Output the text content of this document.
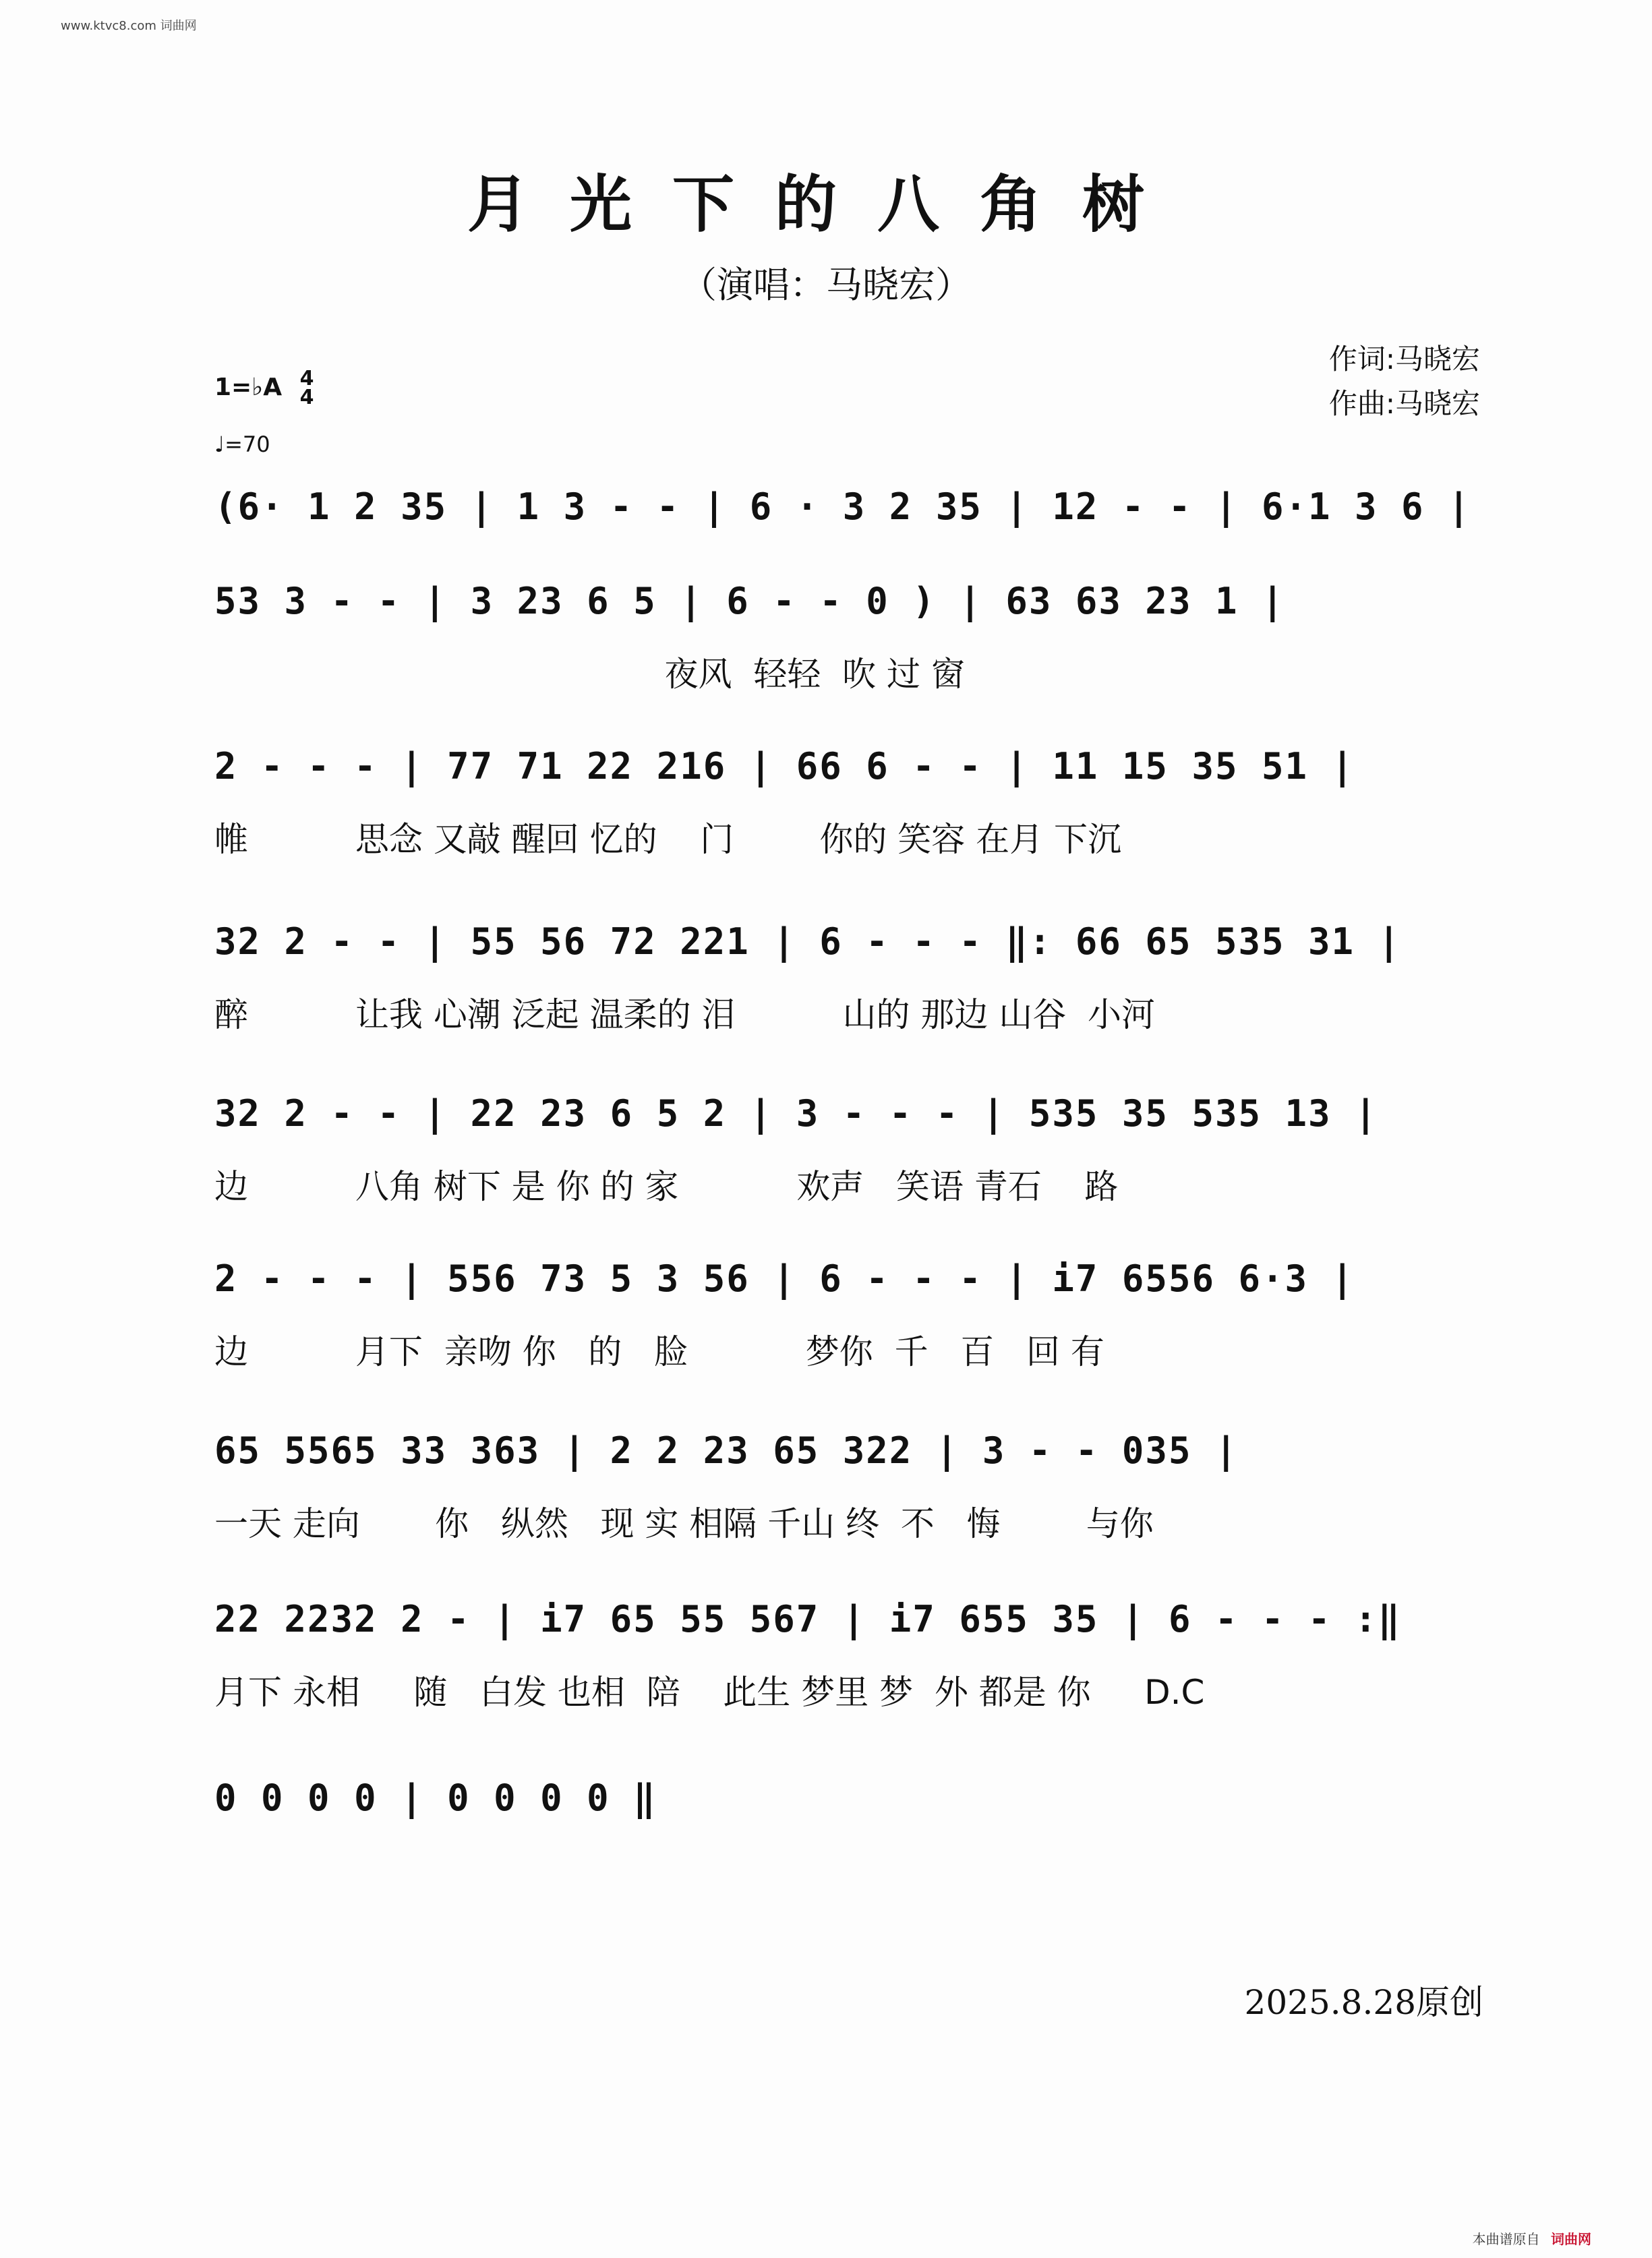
www.ktvc8.com 词曲网
月光下的八角树
（演唱：马晓宏）
作词:马晓宏
作曲:马晓宏
1=♭A 4
4
♩=70
(6· 1 2 35 | 1 3 - - | 6 · 3 2 35 | 12 - - | 6·1 3 6 |
53 3 - - | 3 23 6 5 | 6 - - 0 ) | 63 63 23 1 |
夜风  轻轻  吹 过 窗
2 - - - | 77 71 22 216 | 66 6 - - | 11 15 35 51 |
帷          思念 又敲 醒回 忆的    门        你的 笑容 在月 下沉
32 2 - - | 55 56 72 221 | 6 - - - ‖: 66 65 535 31 |
醉          让我 心潮 泛起 温柔的 泪          山的 那边 山谷  小河
32 2 - - | 22 23 6 5 2 | 3 - - - | 535 35 535 13 |
边          八角 树下 是 你 的 家           欢声   笑语 青石    路
2 - - - | 556 73 5 3 56 | 6 - - - | i7 6556 6·3 |
边          月下  亲吻 你   的   脸           梦你  千   百   回 有
65 5565 33 363 | 2 2 23 65 322 | 3 - - 035 |
一天 走向       你   纵然   现 实 相隔 千山 终  不   悔        与你
22 2232 2 - | i7 65 55 567 | i7 655 35 | 6 - - - :‖
月下 永相     随   白发 也相  陪    此生 梦里 梦  外 都是 你     D.C
0 0 0 0 | 0 0 0 0 ‖
2025.8.28原创
本曲谱原自 词曲网
